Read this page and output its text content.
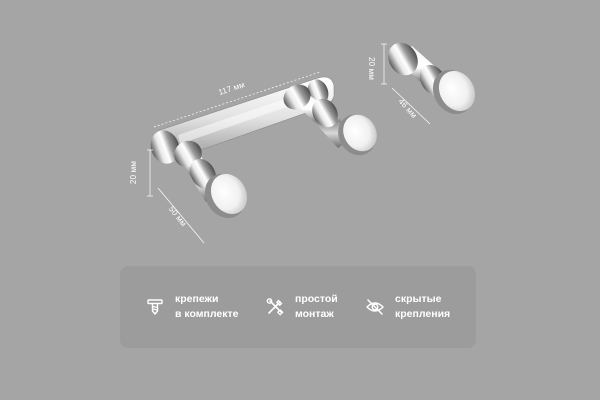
117 мм
20 мм
50 мм
20 мм
46 мм
крепежи
в комплекте
простой
монтаж
скрытые
крепления
